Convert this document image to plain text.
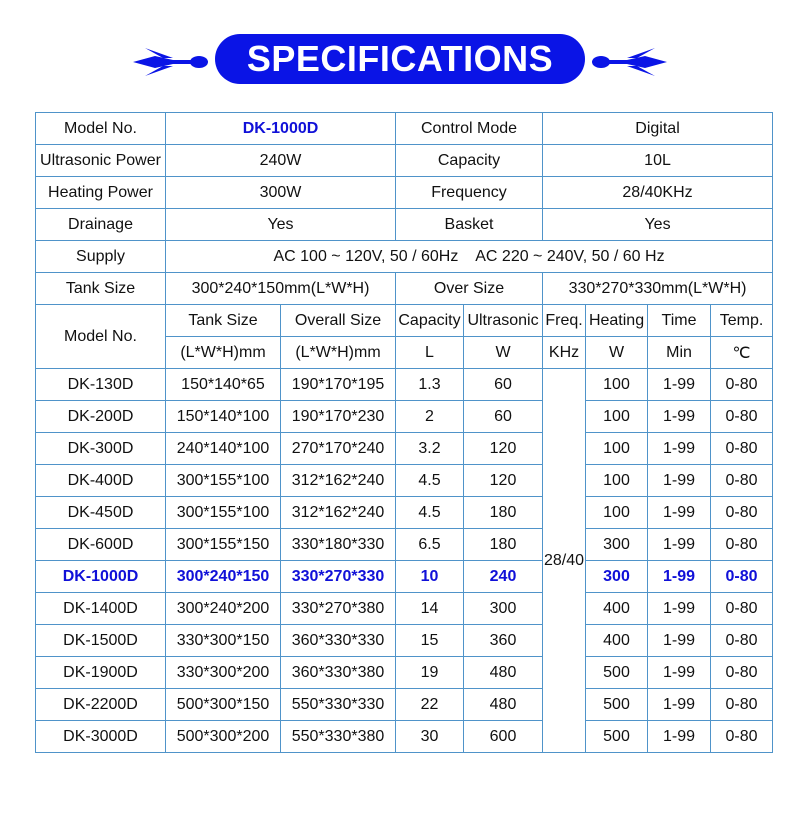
SPECIFICATIONS
Model No.	DK-1000D		Control Mode		Digital			
Ultrasonic Power	240W		Capacity		10L			
Heating Power	300W		Frequency		28/40KHz			
Drainage	Yes		Basket		Yes			
Supply	AC 100 ~ 120V, 50 / 60Hz    AC 220 ~ 240V, 50 / 60 Hz							
Tank Size	300*240*150mm(L*W*H)		Over Size		330*270*330mm(L*W*H)			
Model No.	Tank Size	Overall Size	Capacity	Ultrasonic	Freq.	Heating	Time	Temp.
	(L*W*H)mm	(L*W*H)mm	L	W	KHz	W	Min	℃
DK-130D	150*140*65	190*170*195	1.3	60	28/40	100	1-99	0-80
DK-200D	150*140*100	190*170*230	2	60		100	1-99	0-80
DK-300D	240*140*100	270*170*240	3.2	120		100	1-99	0-80
DK-400D	300*155*100	312*162*240	4.5	120		100	1-99	0-80
DK-450D	300*155*100	312*162*240	4.5	180		100	1-99	0-80
DK-600D	300*155*150	330*180*330	6.5	180		300	1-99	0-80
DK-1000D	300*240*150	330*270*330	10	240		300	1-99	0-80
DK-1400D	300*240*200	330*270*380	14	300		400	1-99	0-80
DK-1500D	330*300*150	360*330*330	15	360		400	1-99	0-80
DK-1900D	330*300*200	360*330*380	19	480		500	1-99	0-80
DK-2200D	500*300*150	550*330*330	22	480		500	1-99	0-80
DK-3000D	500*300*200	550*330*380	30	600		500	1-99	0-80
